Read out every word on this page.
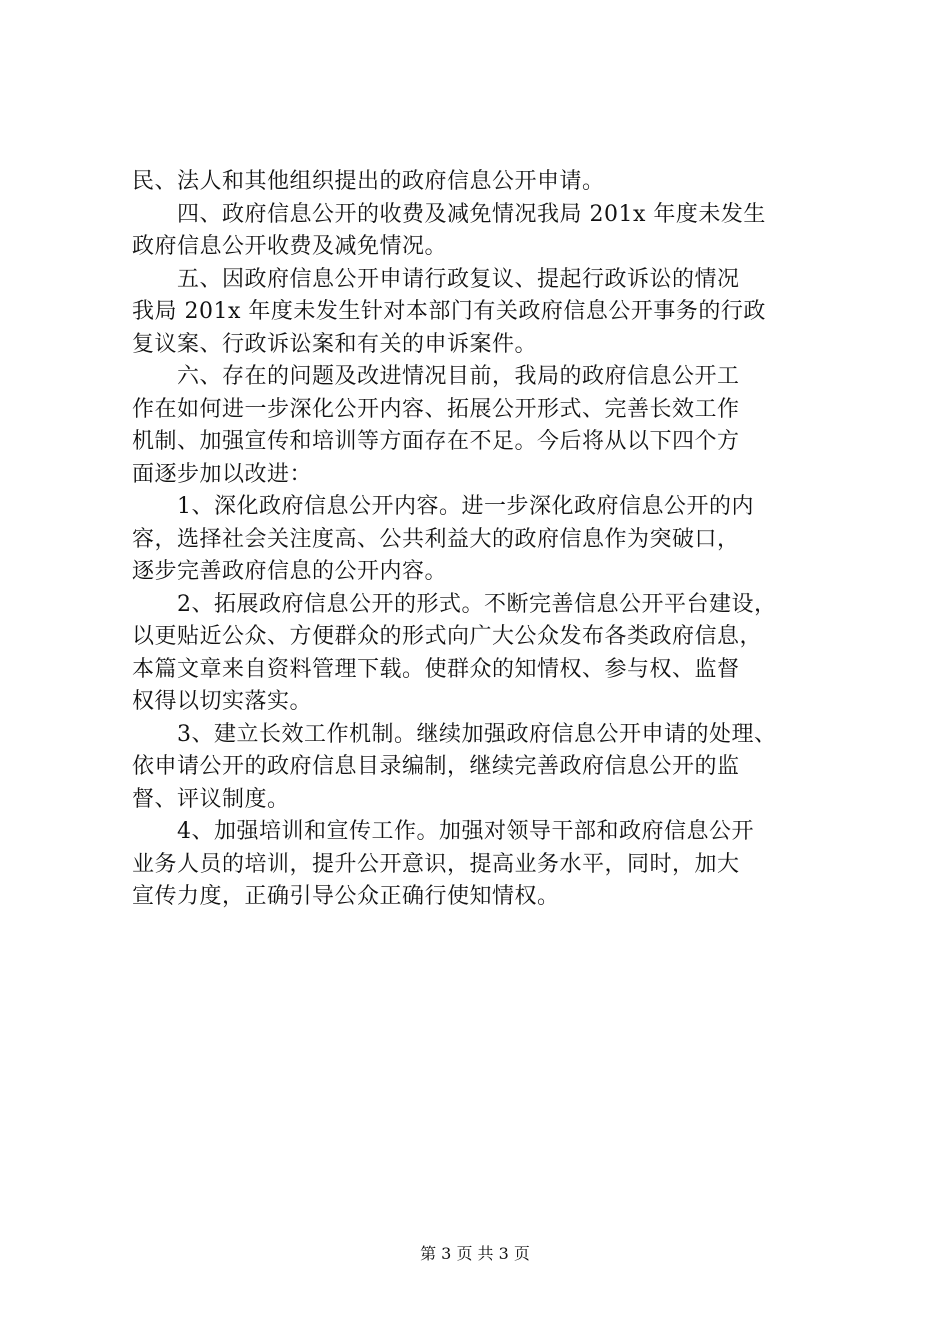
民、法人和其他组织提出的政府信息公开申请。

　　四、政府信息公开的收费及减免情况我局 201x 年度未发生
政府信息公开收费及减免情况。

　　五、因政府信息公开申请行政复议、提起行政诉讼的情况
我局 201x 年度未发生针对本部门有关政府信息公开事务的行政
复议案、行政诉讼案和有关的申诉案件。

　　六、存在的问题及改进情况目前，我局的政府信息公开工
作在如何进一步深化公开内容、拓展公开形式、完善长效工作
机制、加强宣传和培训等方面存在不足。今后将从以下四个方
面逐步加以改进：

　　1、深化政府信息公开内容。进一步深化政府信息公开的内
容，选择社会关注度高、公共利益大的政府信息作为突破口，
逐步完善政府信息的公开内容。

　　2、拓展政府信息公开的形式。不断完善信息公开平台建设，
以更贴近公众、方便群众的形式向广大公众发布各类政府信息，
本篇文章来自资料管理下载。使群众的知情权、参与权、监督
权得以切实落实。

　　3、建立长效工作机制。继续加强政府信息公开申请的处理、
依申请公开的政府信息目录编制，继续完善政府信息公开的监
督、评议制度。

　　4、加强培训和宣传工作。加强对领导干部和政府信息公开
业务人员的培训，提升公开意识，提高业务水平，同时，加大
宣传力度，正确引导公众正确行使知情权。

第 3 页 共 3 页
